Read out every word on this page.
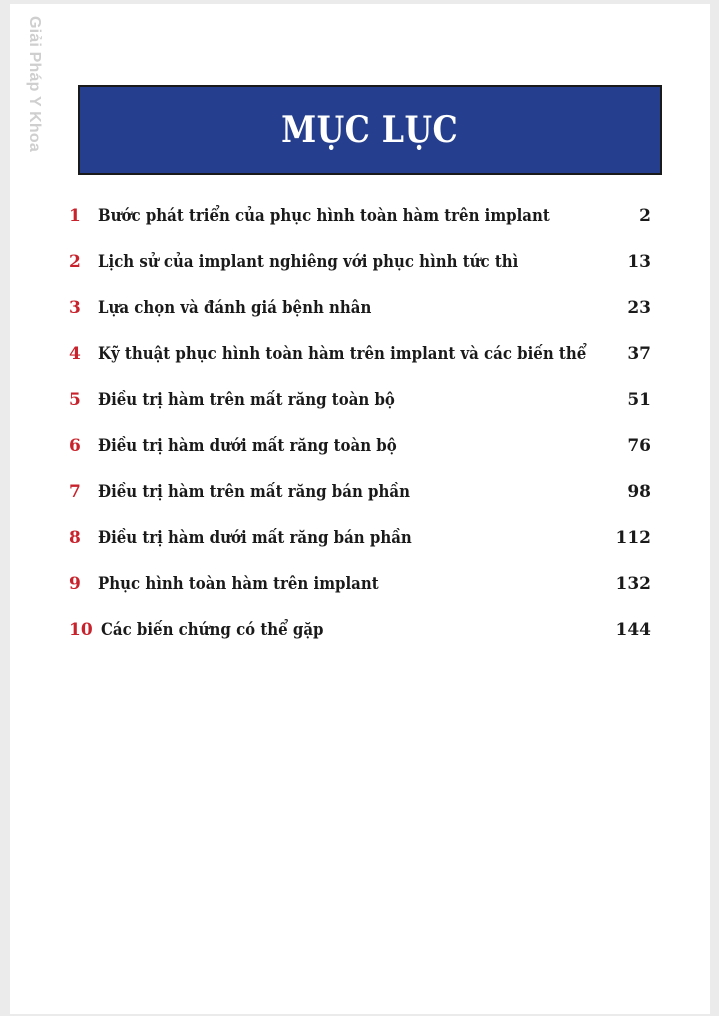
Giải Pháp Y Khoa	MỤC LỤC
1 Bước phát triển của phục hình toàn hàm trên implant	2
2 Lịch sử của implant nghiêng với phục hình tức thì	13
3 Lựa chọn và đánh giá bệnh nhân	23
4 Kỹ thuật phục hình toàn hàm trên implant và các biến thể 37
5 Điều trị hàm trên mất răng toàn bộ	51
6 Điều trị hàm dưới mất răng toàn bộ	76
7 Điều trị hàm trên mất răng bán phần	98
8 Điều trị hàm dưới mất răng bán phần	112
9 Phục hình toàn hàm trên implant	132
10 Các biến chứng có thể gặp	144
